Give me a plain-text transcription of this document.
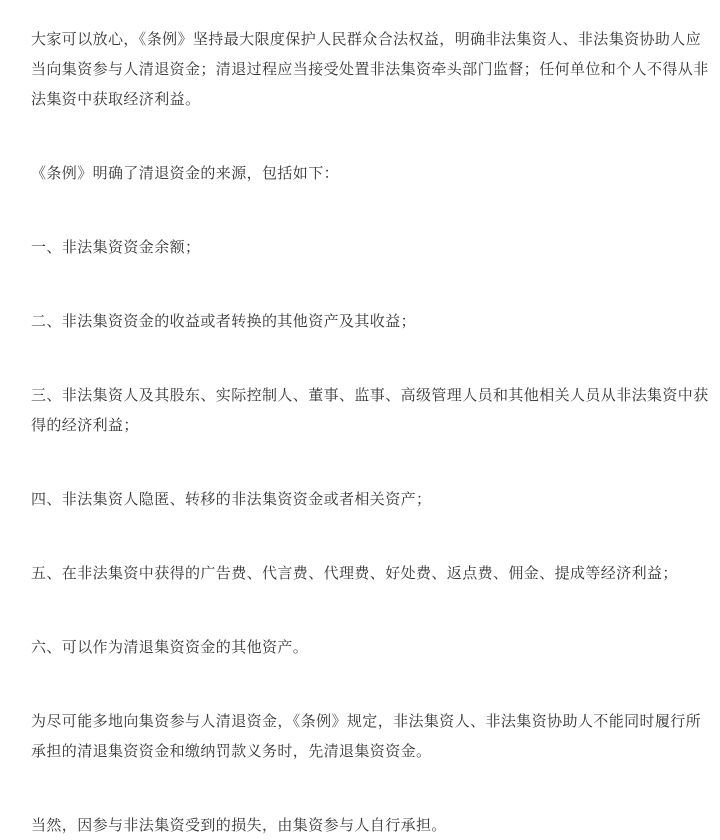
大家可以放心，《条例》坚持最大限度保护人民群众合法权益，明确非法集资人、非法集资协助人应当向集资参与人清退资金；清退过程应当接受处置非法集资牵头部门监督；任何单位和个人不得从非法集资中获取经济利益。

《条例》明确了清退资金的来源，包括如下：

一、非法集资资金余额；

二、非法集资资金的收益或者转换的其他资产及其收益；

三、非法集资人及其股东、实际控制人、董事、监事、高级管理人员和其他相关人员从非法集资中获得的经济利益；

四、非法集资人隐匿、转移的非法集资资金或者相关资产；

五、在非法集资中获得的广告费、代言费、代理费、好处费、返点费、佣金、提成等经济利益；

六、可以作为清退集资资金的其他资产。

为尽可能多地向集资参与人清退资金，《条例》规定，非法集资人、非法集资协助人不能同时履行所承担的清退集资资金和缴纳罚款义务时，先清退集资资金。

当然，因参与非法集资受到的损失，由集资参与人自行承担。
